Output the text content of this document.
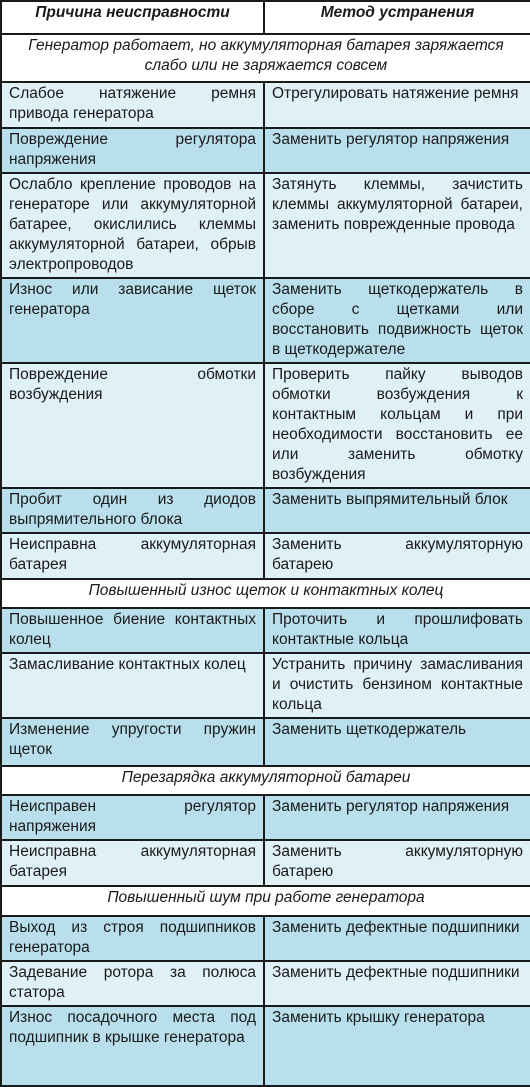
Причина неисправности	Метод устранения
Генератор работает, но аккумуляторная батарея заряжается слабо или не заряжается совсем	
Слабое натяжение ремня привода генератора	Отрегулировать натяжение ремня
Повреждение регулятора напряжения	Заменить регулятор напряжения
Ослабло крепление проводов на генераторе или аккумуляторной батарее, окислились клеммы аккумуляторной батареи, обрыв электропроводов	Затянуть клеммы, зачистить клеммы аккумуляторной батареи, заменить поврежденные провода
Износ или зависание щеток генератора	Заменить щеткодержатель в сборе с щетками или восстановить подвижность щеток в щеткодержателе
Повреждение обмотки возбуждения	Проверить пайку выводов обмотки возбуждения к контактным кольцам и при необходимости восстановить ее или заменить обмотку возбуждения
Пробит один из диодов выпрямительного блока	Заменить выпрямительный блок
Неисправна аккумуляторная батарея	Заменить аккумуляторную батарею
Повышенный износ щеток и контактных колец	
Повышенное биение контактных колец	Проточить и прошлифовать контактные кольца
Замасливание контактных колец	Устранить причину замасливания и очистить бензином контактные кольца
Изменение упругости пружин щеток	Заменить щеткодержатель
Перезарядка аккумуляторной батареи	
Неисправен регулятор напряжения	Заменить регулятор напряжения
Неисправна аккумуляторная батарея	Заменить аккумуляторную батарею
Повышенный шум при работе генератора	
Выход из строя подшипников генератора	Заменить дефектные подшипники
Задевание ротора за полюса статора	Заменить дефектные подшипники
Износ посадочного места под подшипник в крышке генератора	Заменить крышку генератора
